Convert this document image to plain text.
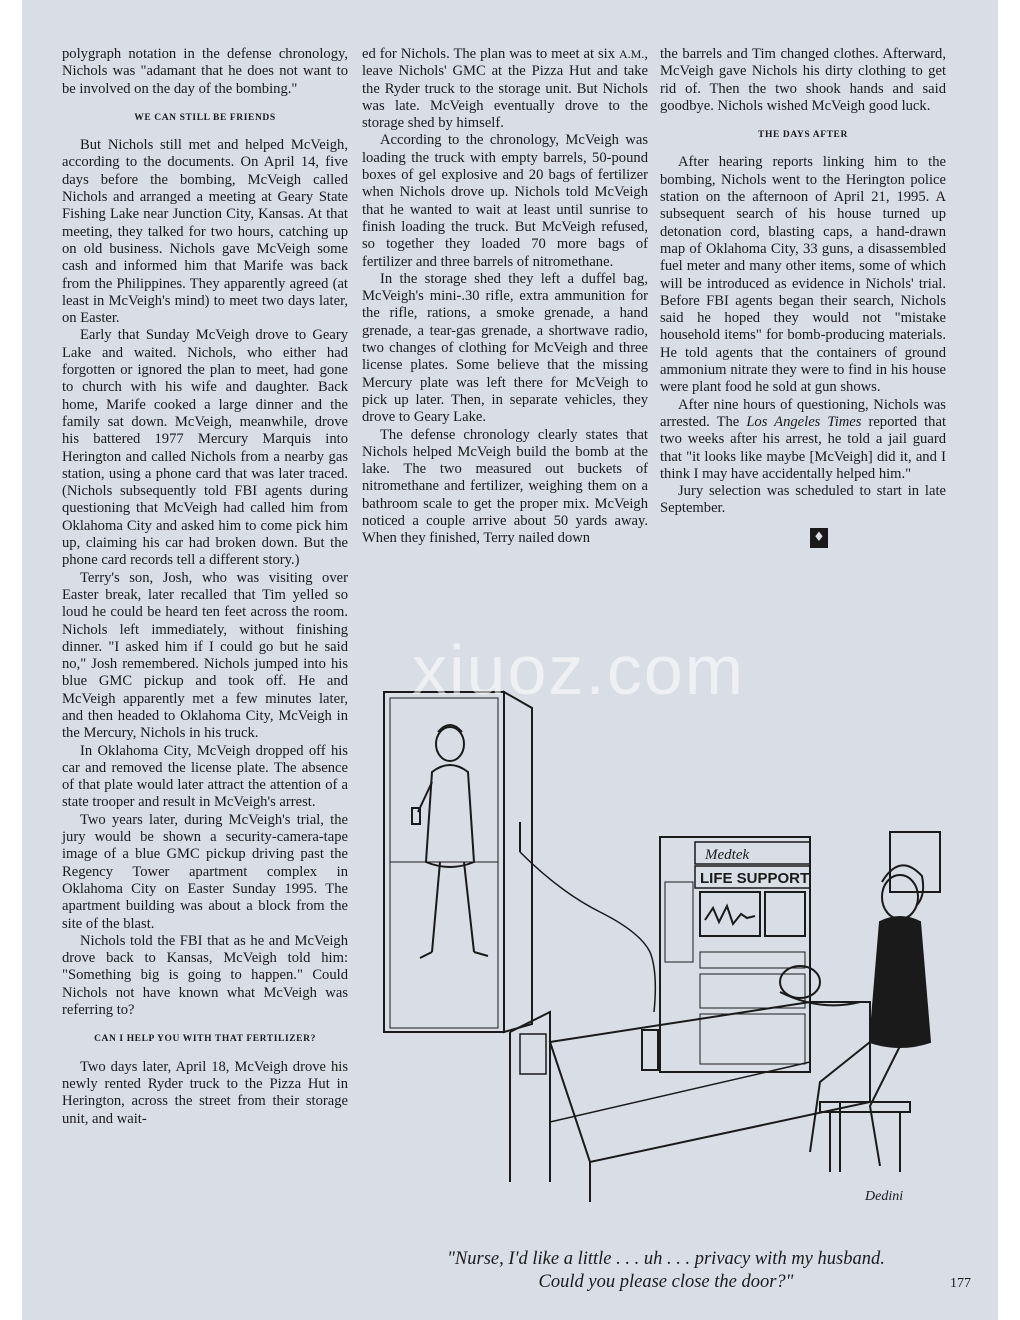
polygraph notation in the defense chronology, Nichols was "adamant that he does not want to be involved on the day of the bombing."

WE CAN STILL BE FRIENDS

But Nichols still met and helped McVeigh, according to the documents. On April 14, five days before the bombing, McVeigh called Nichols and arranged a meeting at Geary State Fishing Lake near Junction City, Kansas. At that meeting, they talked for two hours, catching up on old business. Nichols gave McVeigh some cash and informed him that Marife was back from the Philippines. They apparently agreed (at least in McVeigh's mind) to meet two days later, on Easter.

Early that Sunday McVeigh drove to Geary Lake and waited. Nichols, who either had forgotten or ignored the plan to meet, had gone to church with his wife and daughter. Back home, Marife cooked a large dinner and the family sat down. McVeigh, meanwhile, drove his battered 1977 Mercury Marquis into Herington and called Nichols from a nearby gas station, using a phone card that was later traced. (Nichols subsequently told FBI agents during questioning that McVeigh had called him from Oklahoma City and asked him to come pick him up, claiming his car had broken down. But the phone card records tell a different story.)

Terry's son, Josh, who was visiting over Easter break, later recalled that Tim yelled so loud he could be heard ten feet across the room. Nichols left immediately, without finishing dinner. "I asked him if I could go but he said no," Josh remembered. Nichols jumped into his blue GMC pickup and took off. He and McVeigh apparently met a few minutes later, and then headed to Oklahoma City, McVeigh in the Mercury, Nichols in his truck.

In Oklahoma City, McVeigh dropped off his car and removed the license plate. The absence of that plate would later attract the attention of a state trooper and result in McVeigh's arrest.

Two years later, during McVeigh's trial, the jury would be shown a security-camera-tape image of a blue GMC pickup driving past the Regency Tower apartment complex in Oklahoma City on Easter Sunday 1995. The apartment building was about a block from the site of the blast.

Nichols told the FBI that as he and McVeigh drove back to Kansas, McVeigh told him: "Something big is going to happen." Could Nichols not have known what McVeigh was referring to?

CAN I HELP YOU WITH THAT FERTILIZER?

Two days later, April 18, McVeigh drove his newly rented Ryder truck to the Pizza Hut in Herington, across the street from their storage unit, and wait-

ed for Nichols. The plan was to meet at six A.M., leave Nichols' GMC at the Pizza Hut and take the Ryder truck to the storage unit. But Nichols was late. McVeigh eventually drove to the storage shed by himself.

According to the chronology, McVeigh was loading the truck with empty barrels, 50-pound boxes of gel explosive and 20 bags of fertilizer when Nichols drove up. Nichols told McVeigh that he wanted to wait at least until sunrise to finish loading the truck. But McVeigh refused, so together they loaded 70 more bags of fertilizer and three barrels of nitromethane.

In the storage shed they left a duffel bag, McVeigh's mini-.30 rifle, extra ammunition for the rifle, rations, a smoke grenade, a hand grenade, a tear-gas grenade, a shortwave radio, two changes of clothing for McVeigh and three license plates. Some believe that the missing Mercury plate was left there for McVeigh to pick up later. Then, in separate vehicles, they drove to Geary Lake.

The defense chronology clearly states that Nichols helped McVeigh build the bomb at the lake. The two measured out buckets of nitromethane and fertilizer, weighing them on a bathroom scale to get the proper mix. McVeigh noticed a couple arrive about 50 yards away. When they finished, Terry nailed down

the barrels and Tim changed clothes. Afterward, McVeigh gave Nichols his dirty clothing to get rid of. Then the two shook hands and said goodbye. Nichols wished McVeigh good luck.

THE DAYS AFTER

After hearing reports linking him to the bombing, Nichols went to the Herington police station on the afternoon of April 21, 1995. A subsequent search of his house turned up detonation cord, blasting caps, a hand-drawn map of Oklahoma City, 33 guns, a disassembled fuel meter and many other items, some of which will be introduced as evidence in Nichols' trial. Before FBI agents began their search, Nichols said he hoped they would not "mistake household items" for bomb-producing materials. He told agents that the containers of ground ammonium nitrate they were to find in his house were plant food he sold at gun shows.

After nine hours of questioning, Nichols was arrested. The Los Angeles Times reported that two weeks after his arrest, he told a jail guard that "it looks like maybe [McVeigh] did it, and I think I may have accidentally helped him."

Jury selection was scheduled to start in late September.

♦
Medtek
LIFE SUPPORT
Dedini
"Nurse, I'd like a little . . . uh . . . privacy with my husband.
Could you please close the door?"	177
xiuoz.com
